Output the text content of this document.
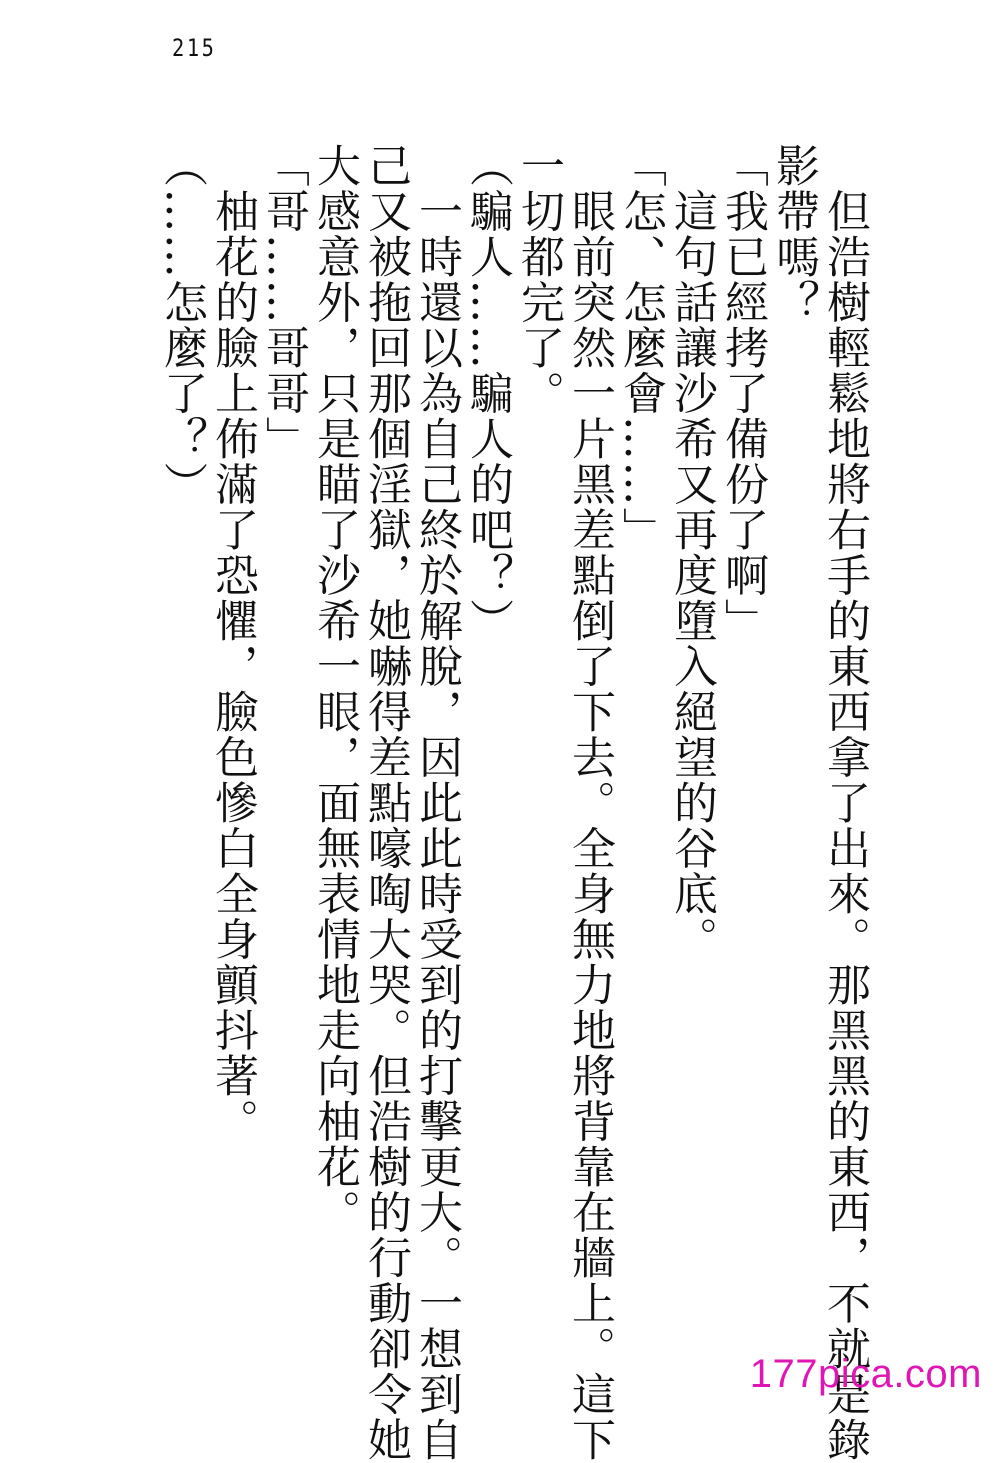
215
　但浩樹輕鬆地將右手的東西拿了出來。那黑黑的東西，不就是錄
影帶嗎？
「我已經拷了備份了啊」
　這句話讓沙希又再度墮入絕望的谷底。
「怎、怎麼會……」
　眼前突然一片黑差點倒了下去。全身無力地將背靠在牆上。這下
一切都完了。
（騙人……騙人的吧？）
　一時還以為自己終於解脫，因此此時受到的打擊更大。一想到自
己又被拖回那個淫獄，她嚇得差點嚎啕大哭。但浩樹的行動卻令她
大感意外，只是瞄了沙希一眼，面無表情地走向柚花。
「哥……哥哥」
　柚花的臉上佈滿了恐懼，臉色慘白全身顫抖著。
（……怎麼了？）
177pica.com
